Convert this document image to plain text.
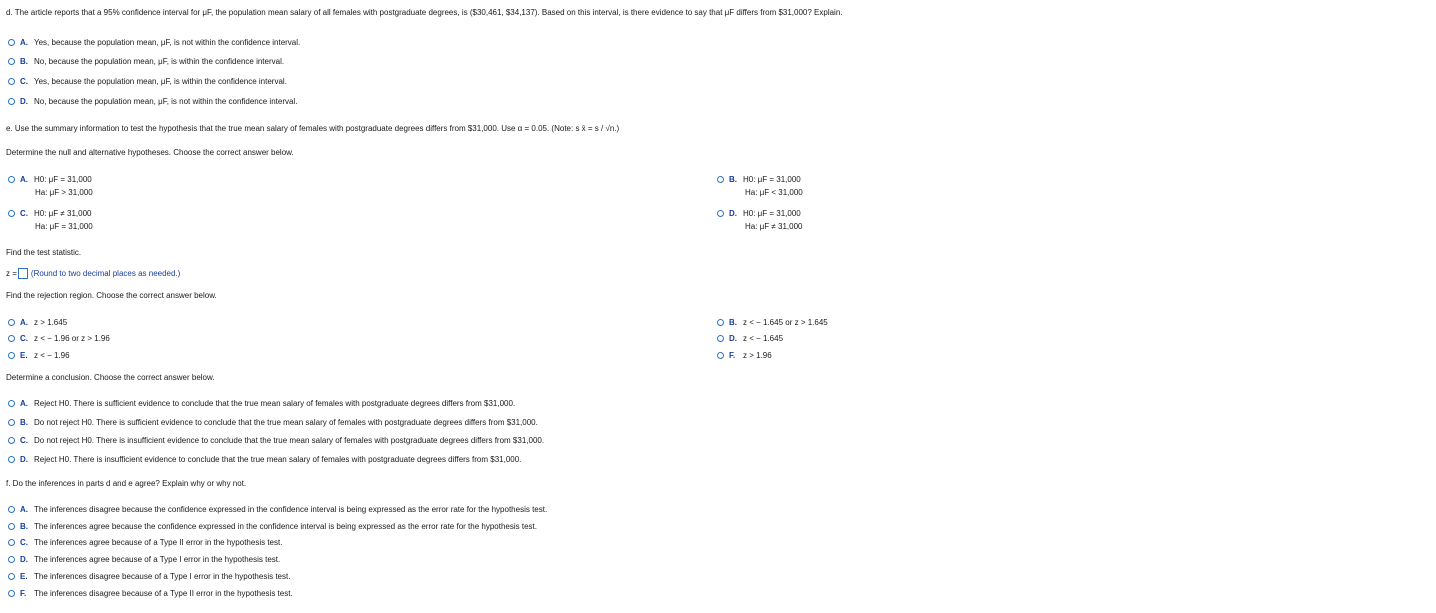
d. The article reports that a 95% confidence interval for μF, the population mean salary of all females with postgraduate degrees, is ($30,461, $34,137). Based on this interval, is there evidence to say that μF differs from $31,000? Explain.
A. Yes, because the population mean, μF, is not within the confidence interval.
B. No, because the population mean, μF, is within the confidence interval.
C. Yes, because the population mean, μF, is within the confidence interval.
D. No, because the population mean, μF, is not within the confidence interval.
e. Use the summary information to test the hypothesis that the true mean salary of females with postgraduate degrees differs from $31,000. Use α = 0.05. (Note: s x̄ = s / √n.)
Determine the null and alternative hypotheses. Choose the correct answer below.
A. H0: μF = 31,000
Ha: μF > 31,000
B. H0: μF = 31,000
Ha: μF < 31,000
C. H0: μF ≠ 31,000
Ha: μF = 31,000
D. H0: μF = 31,000
Ha: μF ≠ 31,000
Find the test statistic.
z = (Round to two decimal places as needed.)
Find the rejection region. Choose the correct answer below.
A. z > 1.645	B. z < − 1.645 or z > 1.645
C. z < − 1.96 or z > 1.96	D. z < − 1.645
E. z < − 1.96	F. z > 1.96
Determine a conclusion. Choose the correct answer below.
A. Reject H0. There is sufficient evidence to conclude that the true mean salary of females with postgraduate degrees differs from $31,000.
B. Do not reject H0. There is sufficient evidence to conclude that the true mean salary of females with postgraduate degrees differs from $31,000.
C. Do not reject H0. There is insufficient evidence to conclude that the true mean salary of females with postgraduate degrees differs from $31,000.
D. Reject H0. There is insufficient evidence to conclude that the true mean salary of females with postgraduate degrees differs from $31,000.
f. Do the inferences in parts d and e agree? Explain why or why not.
A. The inferences disagree because the confidence expressed in the confidence interval is being expressed as the error rate for the hypothesis test.
B. The inferences agree because the confidence expressed in the confidence interval is being expressed as the error rate for the hypothesis test.
C. The inferences agree because of a Type II error in the hypothesis test.
D. The inferences agree because of a Type I error in the hypothesis test.
E. The inferences disagree because of a Type I error in the hypothesis test.
F. The inferences disagree because of a Type II error in the hypothesis test.
